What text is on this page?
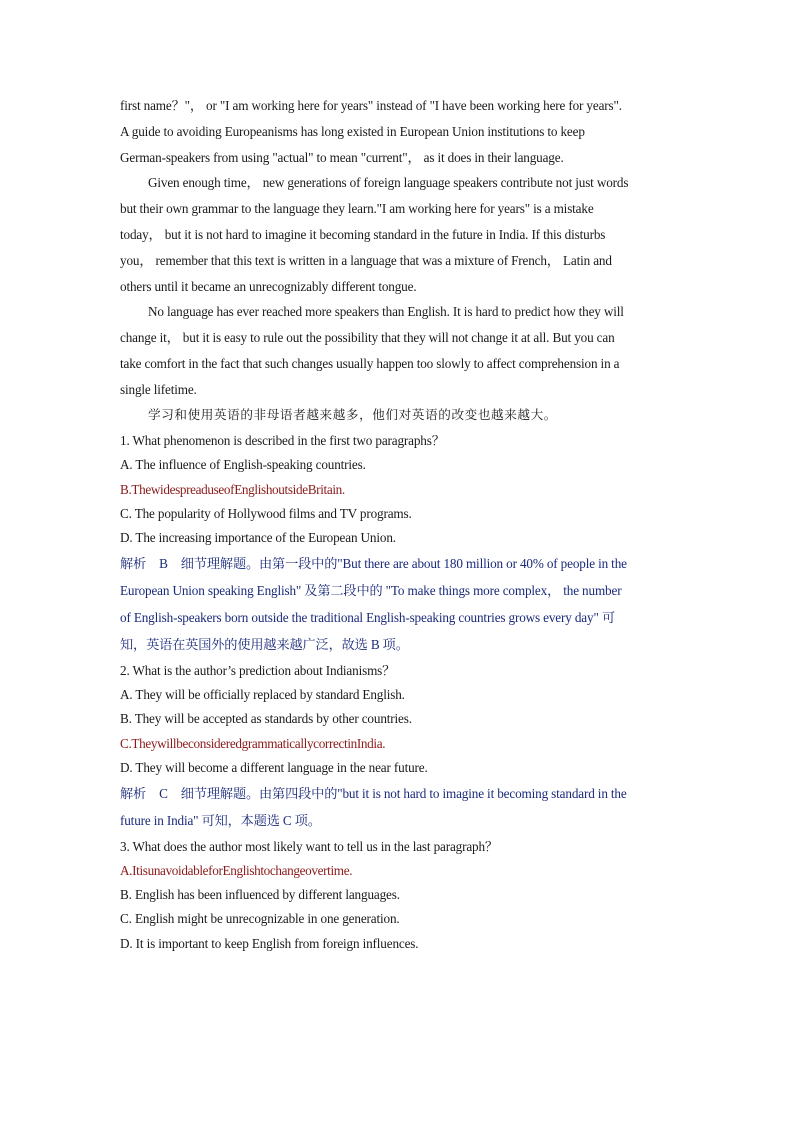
first name？"， or "I am working here for years" instead of "I have been working here for years".
A guide to avoiding Europeanisms has long existed in European Union institutions to keep
German-speakers from using "actual" to mean "current"， as it does in their language.
Given enough time， new generations of foreign language speakers contribute not just words
but their own grammar to the language they learn."I am working here for years" is a mistake
today， but it is not hard to imagine it becoming standard in the future in India. If this disturbs
you， remember that this text is written in a language that was a mixture of French， Latin and
others until it became an unrecognizably different tongue.
No language has ever reached more speakers than English. It is hard to predict how they will
change it， but it is easy to rule out the possibility that they will not change it at all. But you can
take comfort in the fact that such changes usually happen too slowly to affect comprehension in a
single lifetime.
学习和使用英语的非母语者越来越多，他们对英语的改变也越来越大。
1. What phenomenon is described in the first two paragraphs？
A. The influence of English-speaking countries.
B.ThewidespreaduseofEnglishoutsideBritain.
C. The popularity of Hollywood films and TV programs.
D. The increasing importance of the European Union.
解析　B　细节理解题。由第一段中的"But there are about 180 million or 40% of people in the
European Union speaking English" 及第二段中的 "To make things more complex， the number
of English-speakers born outside the traditional English-speaking countries grows every day" 可
知，英语在英国外的使用越来越广泛，故选 B 项。
2. What is the author’s prediction about Indianisms？
A. They will be officially replaced by standard English.
B. They will be accepted as standards by other countries.
C.TheywillbeconsideredgrammaticallycorrectinIndia.
D. They will become a different language in the near future.
解析　C　细节理解题。由第四段中的"but it is not hard to imagine it becoming standard in the
future in India" 可知，本题选 C 项。
3. What does the author most likely want to tell us in the last paragraph？
A.ItisunavoidableforEnglishtochangeovertime.
B. English has been influenced by different languages.
C. English might be unrecognizable in one generation.
D. It is important to keep English from foreign influences.
